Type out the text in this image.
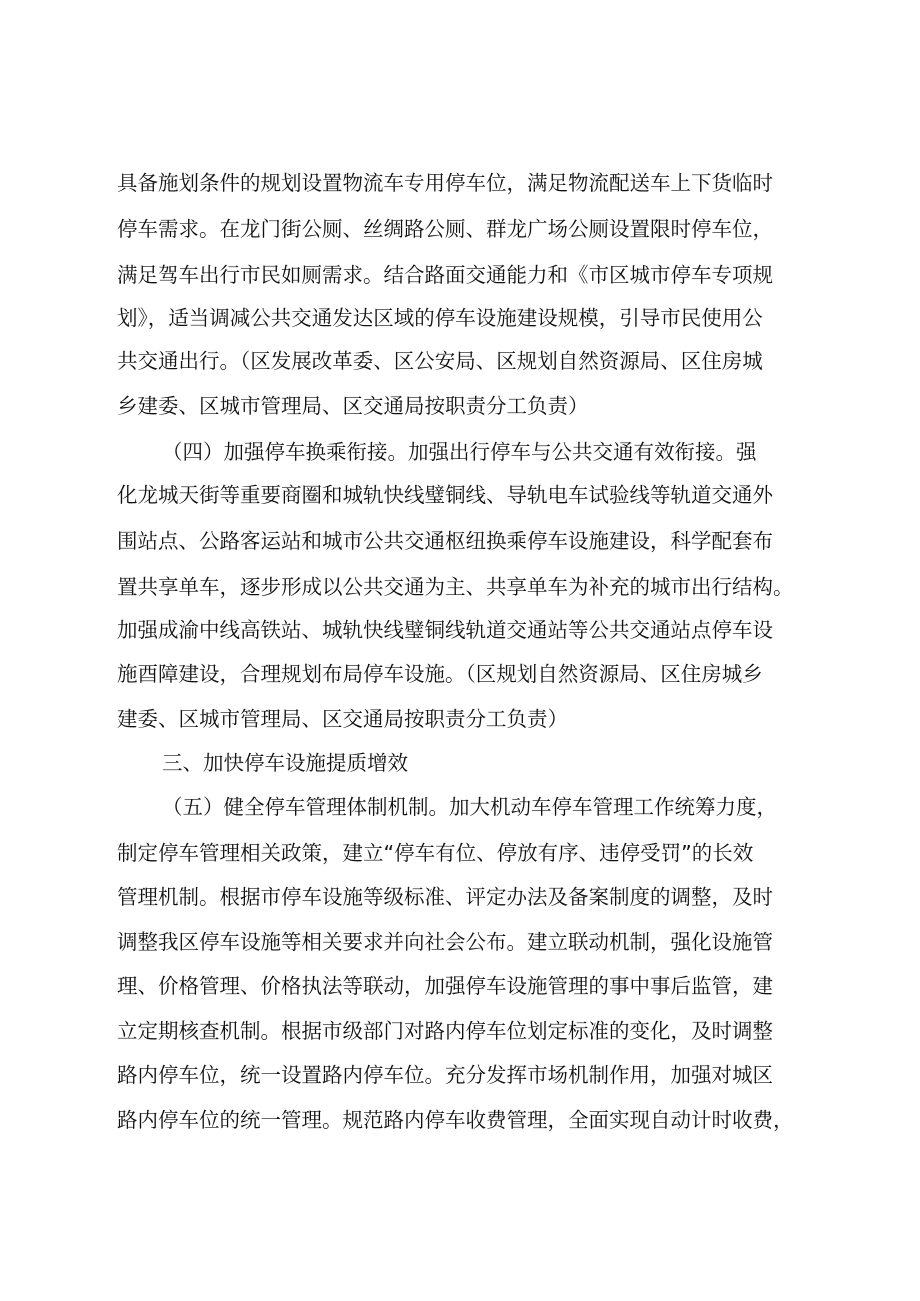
具备施划条件的规划设置物流车专用停车位，满足物流配送车上下货临时
停车需求。在龙门街公厕、丝绸路公厕、群龙广场公厕设置限时停车位，
满足驾车出行市民如厕需求。结合路面交通能力和《市区城市停车专项规
划》，适当调减公共交通发达区域的停车设施建设规模，引导市民使用公
共交通出行。（区发展改革委、区公安局、区规划自然资源局、区住房城
乡建委、区城市管理局、区交通局按职责分工负责）
（四）加强停车换乘衔接。加强出行停车与公共交通有效衔接。强
化龙城天街等重要商圈和城轨快线璧铜线、导轨电车试验线等轨道交通外
围站点、公路客运站和城市公共交通枢纽换乘停车设施建设，科学配套布
置共享单车，逐步形成以公共交通为主、共享单车为补充的城市出行结构。
加强成渝中线高铁站、城轨快线璧铜线轨道交通站等公共交通站点停车设
施酉障建设，合理规划布局停车设施。（区规划自然资源局、区住房城乡
建委、区城市管理局、区交通局按职责分工负责）
三、加快停车设施提质增效
（五）健全停车管理体制机制。加大机动车停车管理工作统筹力度，
制定停车管理相关政策，建立“停车有位、停放有序、违停受罚”的长效
管理机制。根据市停车设施等级标准、评定办法及备案制度的调整，及时
调整我区停车设施等相关要求并向社会公布。建立联动机制，强化设施管
理、价格管理、价格执法等联动，加强停车设施管理的事中事后监管，建
立定期核查机制。根据市级部门对路内停车位划定标准的变化，及时调整
路内停车位，统一设置路内停车位。充分发挥市场机制作用，加强对城区
路内停车位的统一管理。规范路内停车收费管理，全面实现自动计时收费，
